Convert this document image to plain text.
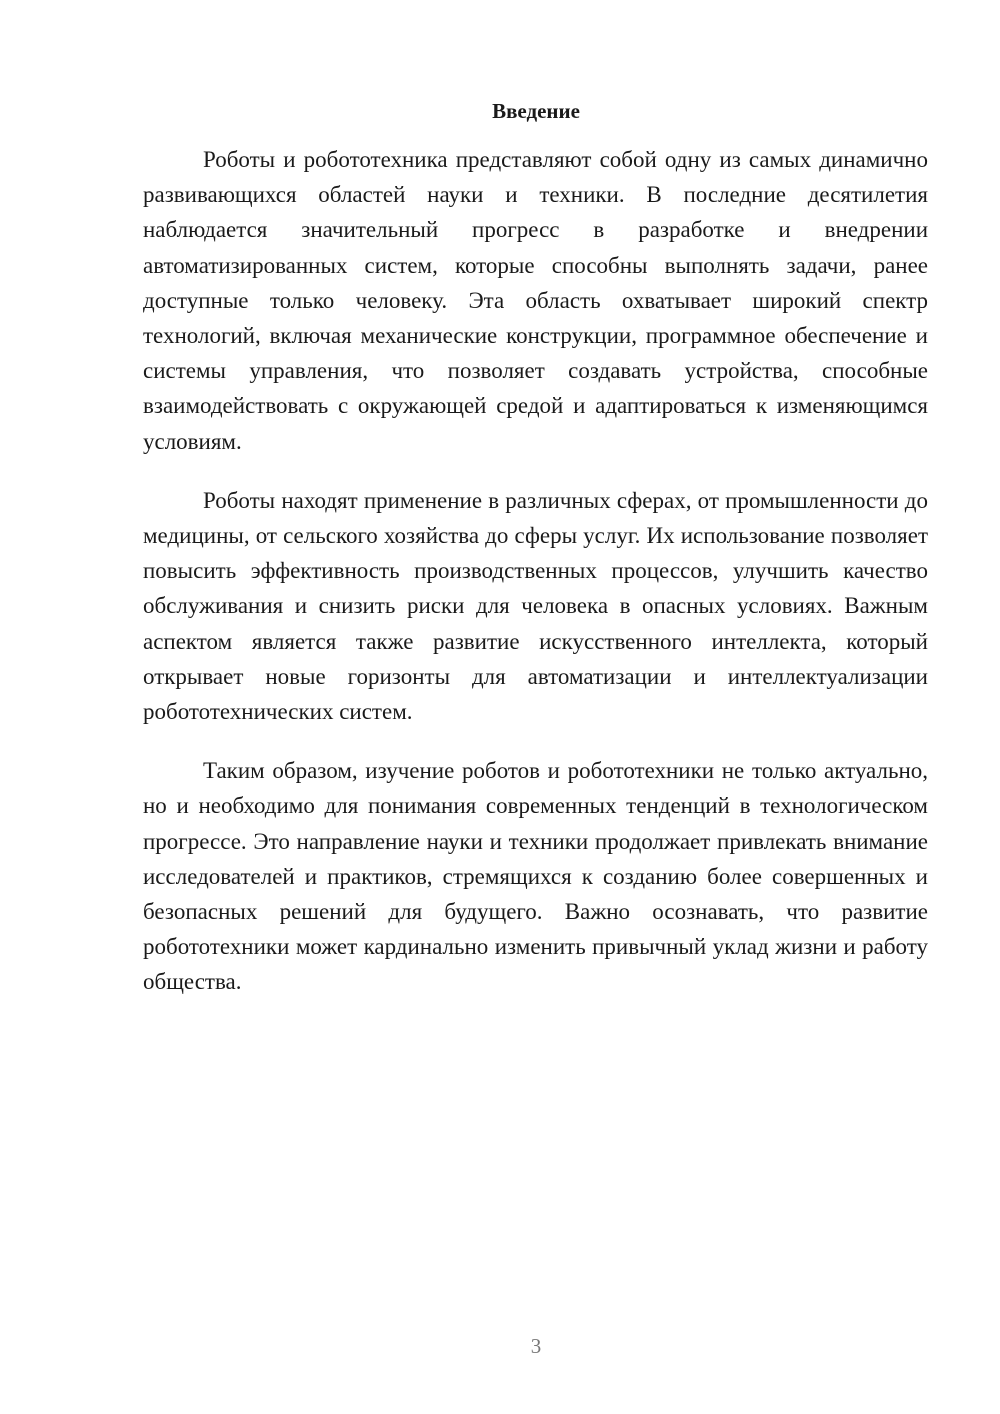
Введение

Роботы и робототехника представляют собой одну из самых динамично развивающихся областей науки и техники. В последние десятилетия наблюдается значительный прогресс в разработке и внедрении автоматизированных систем, которые способны выполнять задачи, ранее доступные только человеку. Эта область охватывает широкий спектр технологий, включая механические конструкции, программное обеспечение и системы управления, что позволяет создавать устройства, способные взаимодействовать с окружающей средой и адаптироваться к изменяющимся условиям.

Роботы находят применение в различных сферах, от промышленности до медицины, от сельского хозяйства до сферы услуг. Их использование позволяет повысить эффективность производственных процессов, улучшить качество обслуживания и снизить риски для человека в опасных условиях. Важным аспектом является также развитие искусственного интеллекта, который открывает новые горизонты для автоматизации и интеллектуализации робототехнических систем.

Таким образом, изучение роботов и робототехники не только актуально, но и необходимо для понимания современных тенденций в технологическом прогрессе. Это направление науки и техники продолжает привлекать внимание исследователей и практиков, стремящихся к созданию более совершенных и безопасных решений для будущего. Важно осознавать, что развитие робототехники может кардинально изменить привычный уклад жизни и работу общества.

3
